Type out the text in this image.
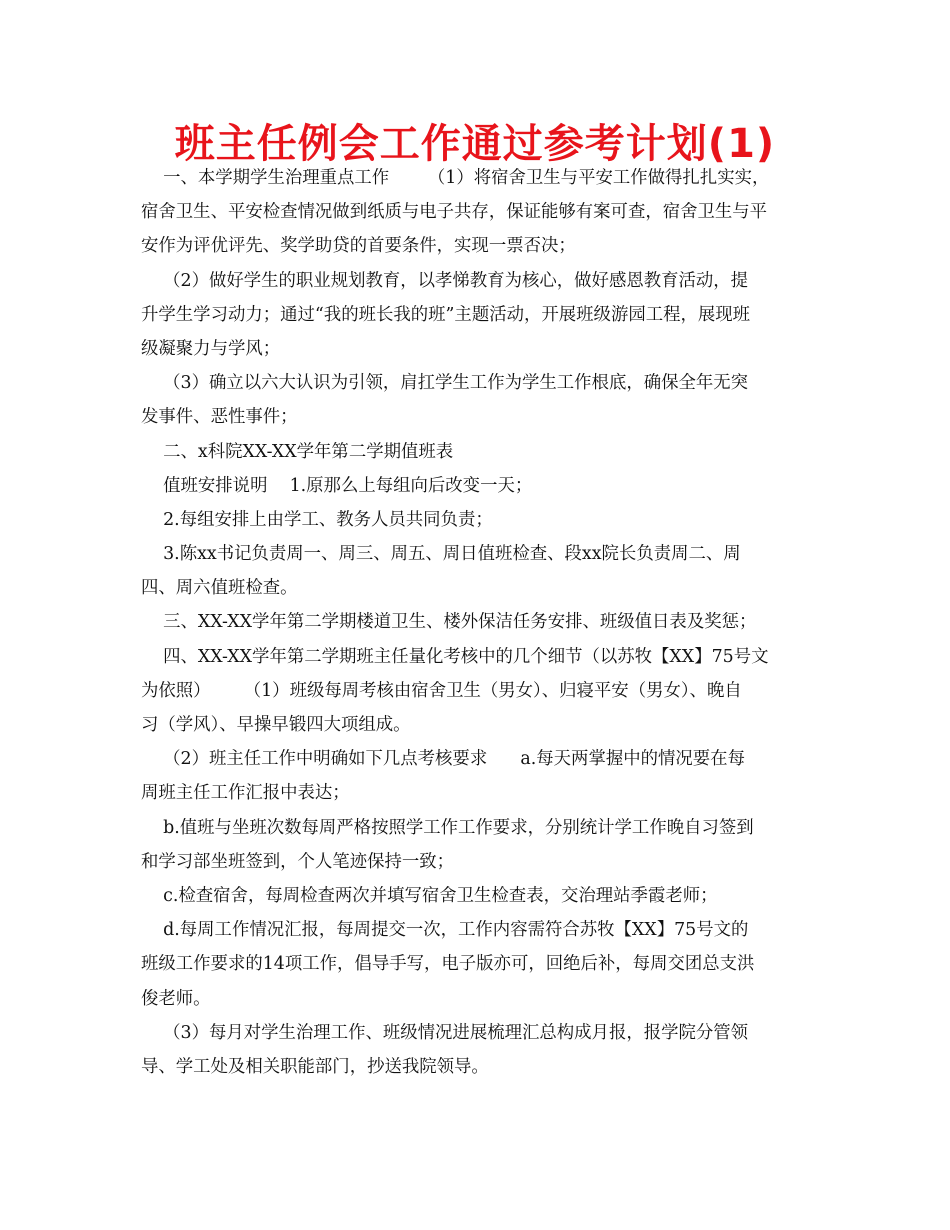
班主任例会工作通过参考计划(1)
一、本学期学生治理重点工作       （1）将宿舍卫生与平安工作做得扎扎实实，
宿舍卫生、平安检查情况做到纸质与电子共存，保证能够有案可查，宿舍卫生与平
安作为评优评先、奖学助贷的首要条件，实现一票否决；
（2）做好学生的职业规划教育，以孝悌教育为核心，做好感恩教育活动，提
升学生学习动力；通过“我的班长我的班”主题活动，开展班级游园工程，展现班
级凝聚力与学风；
（3）确立以六大认识为引领，肩扛学生工作为学生工作根底，确保全年无突
发事件、恶性事件；
二、x科院XX-XX学年第二学期值班表
值班安排说明    1.原那么上每组向后改变一天；
2.每组安排上由学工、教务人员共同负责；
3.陈xx书记负责周一、周三、周五、周日值班检查、段xx院长负责周二、周
四、周六值班检查。
三、XX-XX学年第二学期楼道卫生、楼外保洁任务安排、班级值日表及奖惩；
四、XX-XX学年第二学期班主任量化考核中的几个细节（以苏牧【XX】75号文
为依照）      （1）班级每周考核由宿舍卫生（男女）、归寝平安（男女）、晚自
习（学风）、早操早锻四大项组成。
（2）班主任工作中明确如下几点考核要求      a.每天两掌握中的情况要在每
周班主任工作汇报中表达；
b.值班与坐班次数每周严格按照学工作工作要求，分别统计学工作晚自习签到
和学习部坐班签到，个人笔迹保持一致；
c.检查宿舍，每周检查两次并填写宿舍卫生检查表，交治理站季霞老师；
d.每周工作情况汇报，每周提交一次，工作内容需符合苏牧【XX】75号文的
班级工作要求的14项工作，倡导手写，电子版亦可，回绝后补，每周交团总支洪
俊老师。
（3）每月对学生治理工作、班级情况进展梳理汇总构成月报，报学院分管领
导、学工处及相关职能部门，抄送我院领导。
